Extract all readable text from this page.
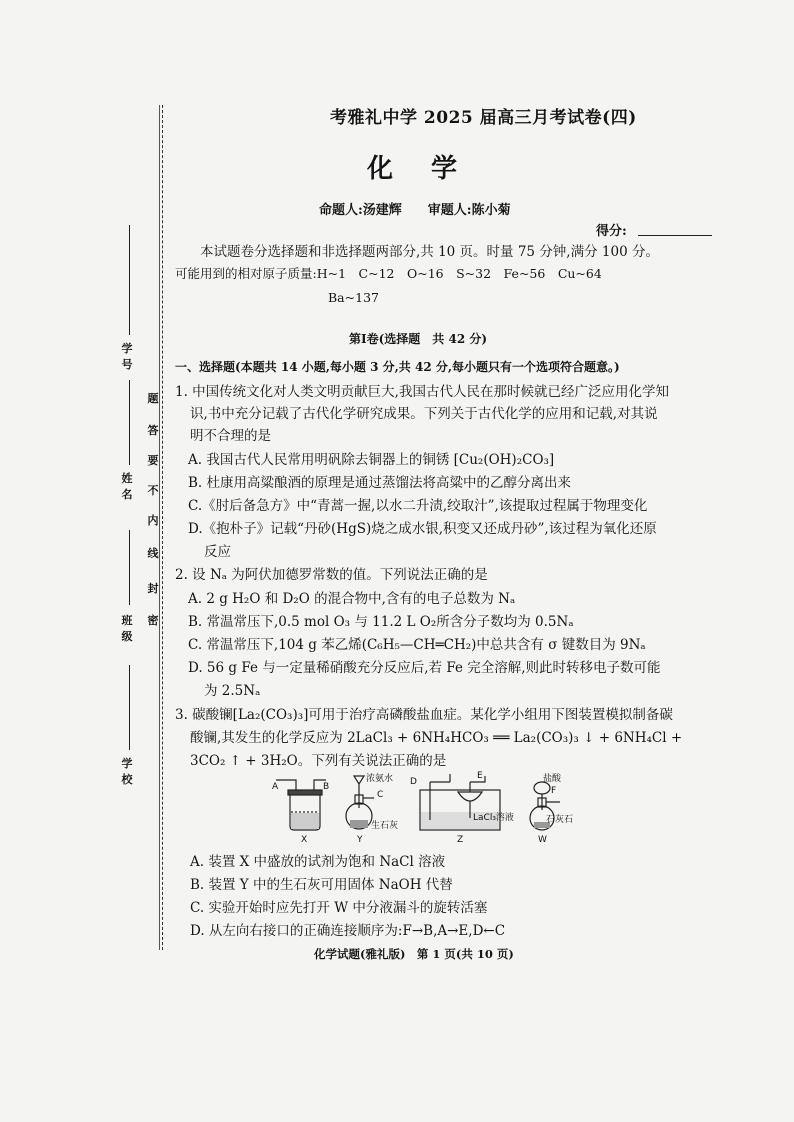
学号
姓名
班级
学校
密
封
线
内
不
要
答
题
考雅礼中学 2025 届高三月考试卷(四)
化学
命题人:汤建辉　　审题人:陈小菊
得分:
本试题卷分选择题和非选择题两部分,共 10 页。时量 75 分钟,满分 100 分。
可能用到的相对原子质量:H~1　C~12　O~16　S~32　Fe~56　Cu~64
Ba~137
第Ⅰ卷(选择题　共 42 分)
一、选择题(本题共 14 小题,每小题 3 分,共 42 分,每小题只有一个选项符合题意。)
1. 中国传统文化对人类文明贡献巨大,我国古代人民在那时候就已经广泛应用化学知
识,书中充分记载了古代化学研究成果。下列关于古代化学的应用和记载,对其说
明不合理的是
A. 我国古代人民常用明矾除去铜器上的铜锈 [Cu₂(OH)₂CO₃]
B. 杜康用高粱酿酒的原理是通过蒸馏法将高粱中的乙醇分离出来
C.《肘后备急方》中“青蒿一握,以水二升渍,绞取汁”,该提取过程属于物理变化
D.《抱朴子》记载“丹砂(HgS)烧之成水银,积变又还成丹砂”,该过程为氧化还原
反应
2. 设 Nₐ 为阿伏加德罗常数的值。下列说法正确的是
A. 2 g H₂O 和 D₂O 的混合物中,含有的电子总数为 Nₐ
B. 常温常压下,0.5 mol O₃ 与 11.2 L O₂所含分子数均为 0.5Nₐ
C. 常温常压下,104 g 苯乙烯(C₆H₅—CH═CH₂)中总共含有 σ 键数目为 9Nₐ
D. 56 g Fe 与一定量稀硝酸充分反应后,若 Fe 完全溶解,则此时转移电子数可能
为 2.5Nₐ
3. 碳酸镧[La₂(CO₃)₃]可用于治疗高磷酸盐血症。某化学小组用下图装置模拟制备碳
酸镧,其发生的化学反应为 2LaCl₃ + 6NH₄HCO₃ ══ La₂(CO₃)₃ ↓ + 6NH₄Cl +
3CO₂ ↑ + 3H₂O。下列有关说法正确的是
A	B
浓氨水
C
生石灰
D
E
LaCl₃溶液
盐酸
F
石灰石
X	Y	Z	W
A. 装置 X 中盛放的试剂为饱和 NaCl 溶液
B. 装置 Y 中的生石灰可用固体 NaOH 代替
C. 实验开始时应先打开 W 中分液漏斗的旋转活塞
D. 从左向右接口的正确连接顺序为:F→B,A→E,D←C
化学试题(雅礼版)　第 1 页(共 10 页)
